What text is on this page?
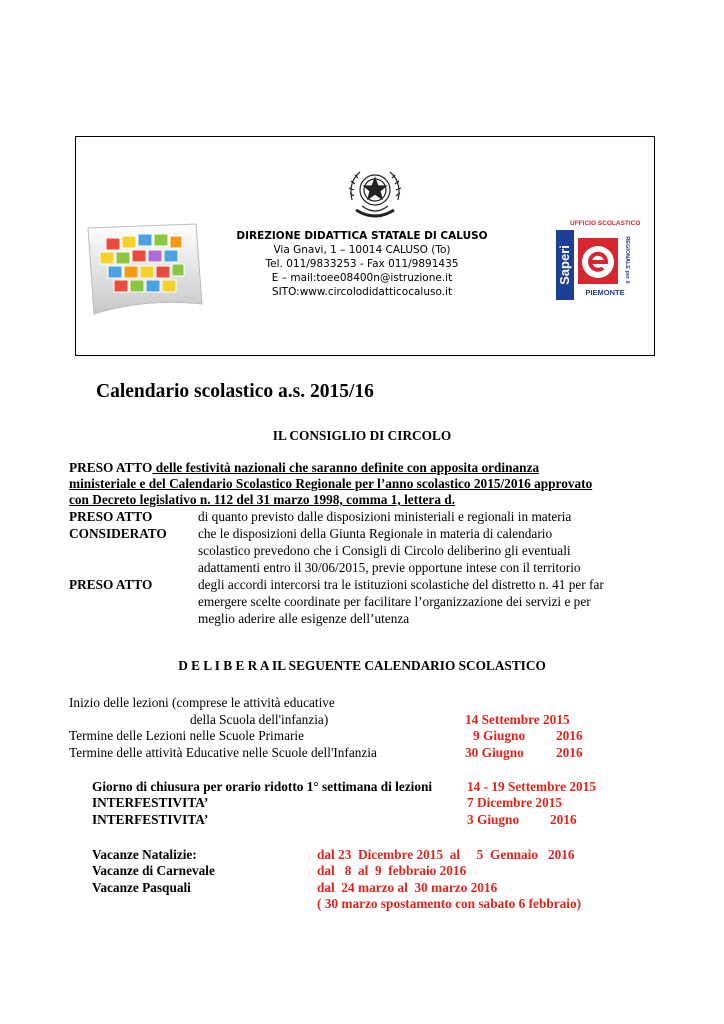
DIREZIONE DIDATTICA STATALE DI CALUSO
Via Gnavi, 1 – 10014 CALUSO (To)
Tel. 011/9833253 - Fax 011/9891435
E – mail:toee08400n@istruzione.it
SITO:www.circolodidatticocaluso.it
UFFICIO SCOLASTICO
Saperi	REGIONALE per il
PIEMONTE
Calendario scolastico a.s. 2015/16
IL CONSIGLIO DI CIRCOLO
PRESO ATTO delle festività nazionali che saranno definite con apposita ordinanza
ministeriale e del Calendario Scolastico Regionale per l’anno scolastico 2015/2016 approvato
con Decreto legislativo n. 112 del 31 marzo 1998, comma 1, lettera d.
PRESO ATTO	di quanto previsto dalle disposizioni ministeriali e regionali in materia
CONSIDERATO che le disposizioni della Giunta Regionale in materia di calendario
scolastico prevedono che i Consigli di Circolo deliberino gli eventuali
adattamenti entro il 30/06/2015, previe opportune intese con il territorio
PRESO ATTO	degli accordi intercorsi tra le istituzioni scolastiche del distretto n. 41 per far
emergere scelte coordinate per facilitare l’organizzazione dei servizi e per
meglio aderire alle esigenze dell’utenza
D E L I B E R A IL SEGUENTE CALENDARIO SCOLASTICO
Inizio delle lezioni (comprese le attività educative
della Scuola dell'infanzia)	14 Settembre 2015
Termine delle Lezioni nelle Scuole Primarie	9 Giugno 2016
Termine delle attività Educative nelle Scuole dell'Infanzia	30 Giugno 2016
Giorno di chiusura per orario ridotto 1° settimana di lezioni	14 - 19 Settembre 2015
INTERFESTIVITA’	7 Dicembre 2015
INTERFESTIVITA’	3 Giugno 2016
Vacanze Natalizie:	dal 23  Dicembre 2015  al     5  Gennaio   2016
Vacanze di Carnevale	dal   8  al  9  febbraio 2016
Vacanze Pasquali	dal  24 marzo al  30 marzo 2016
( 30 marzo spostamento con sabato 6 febbraio)
